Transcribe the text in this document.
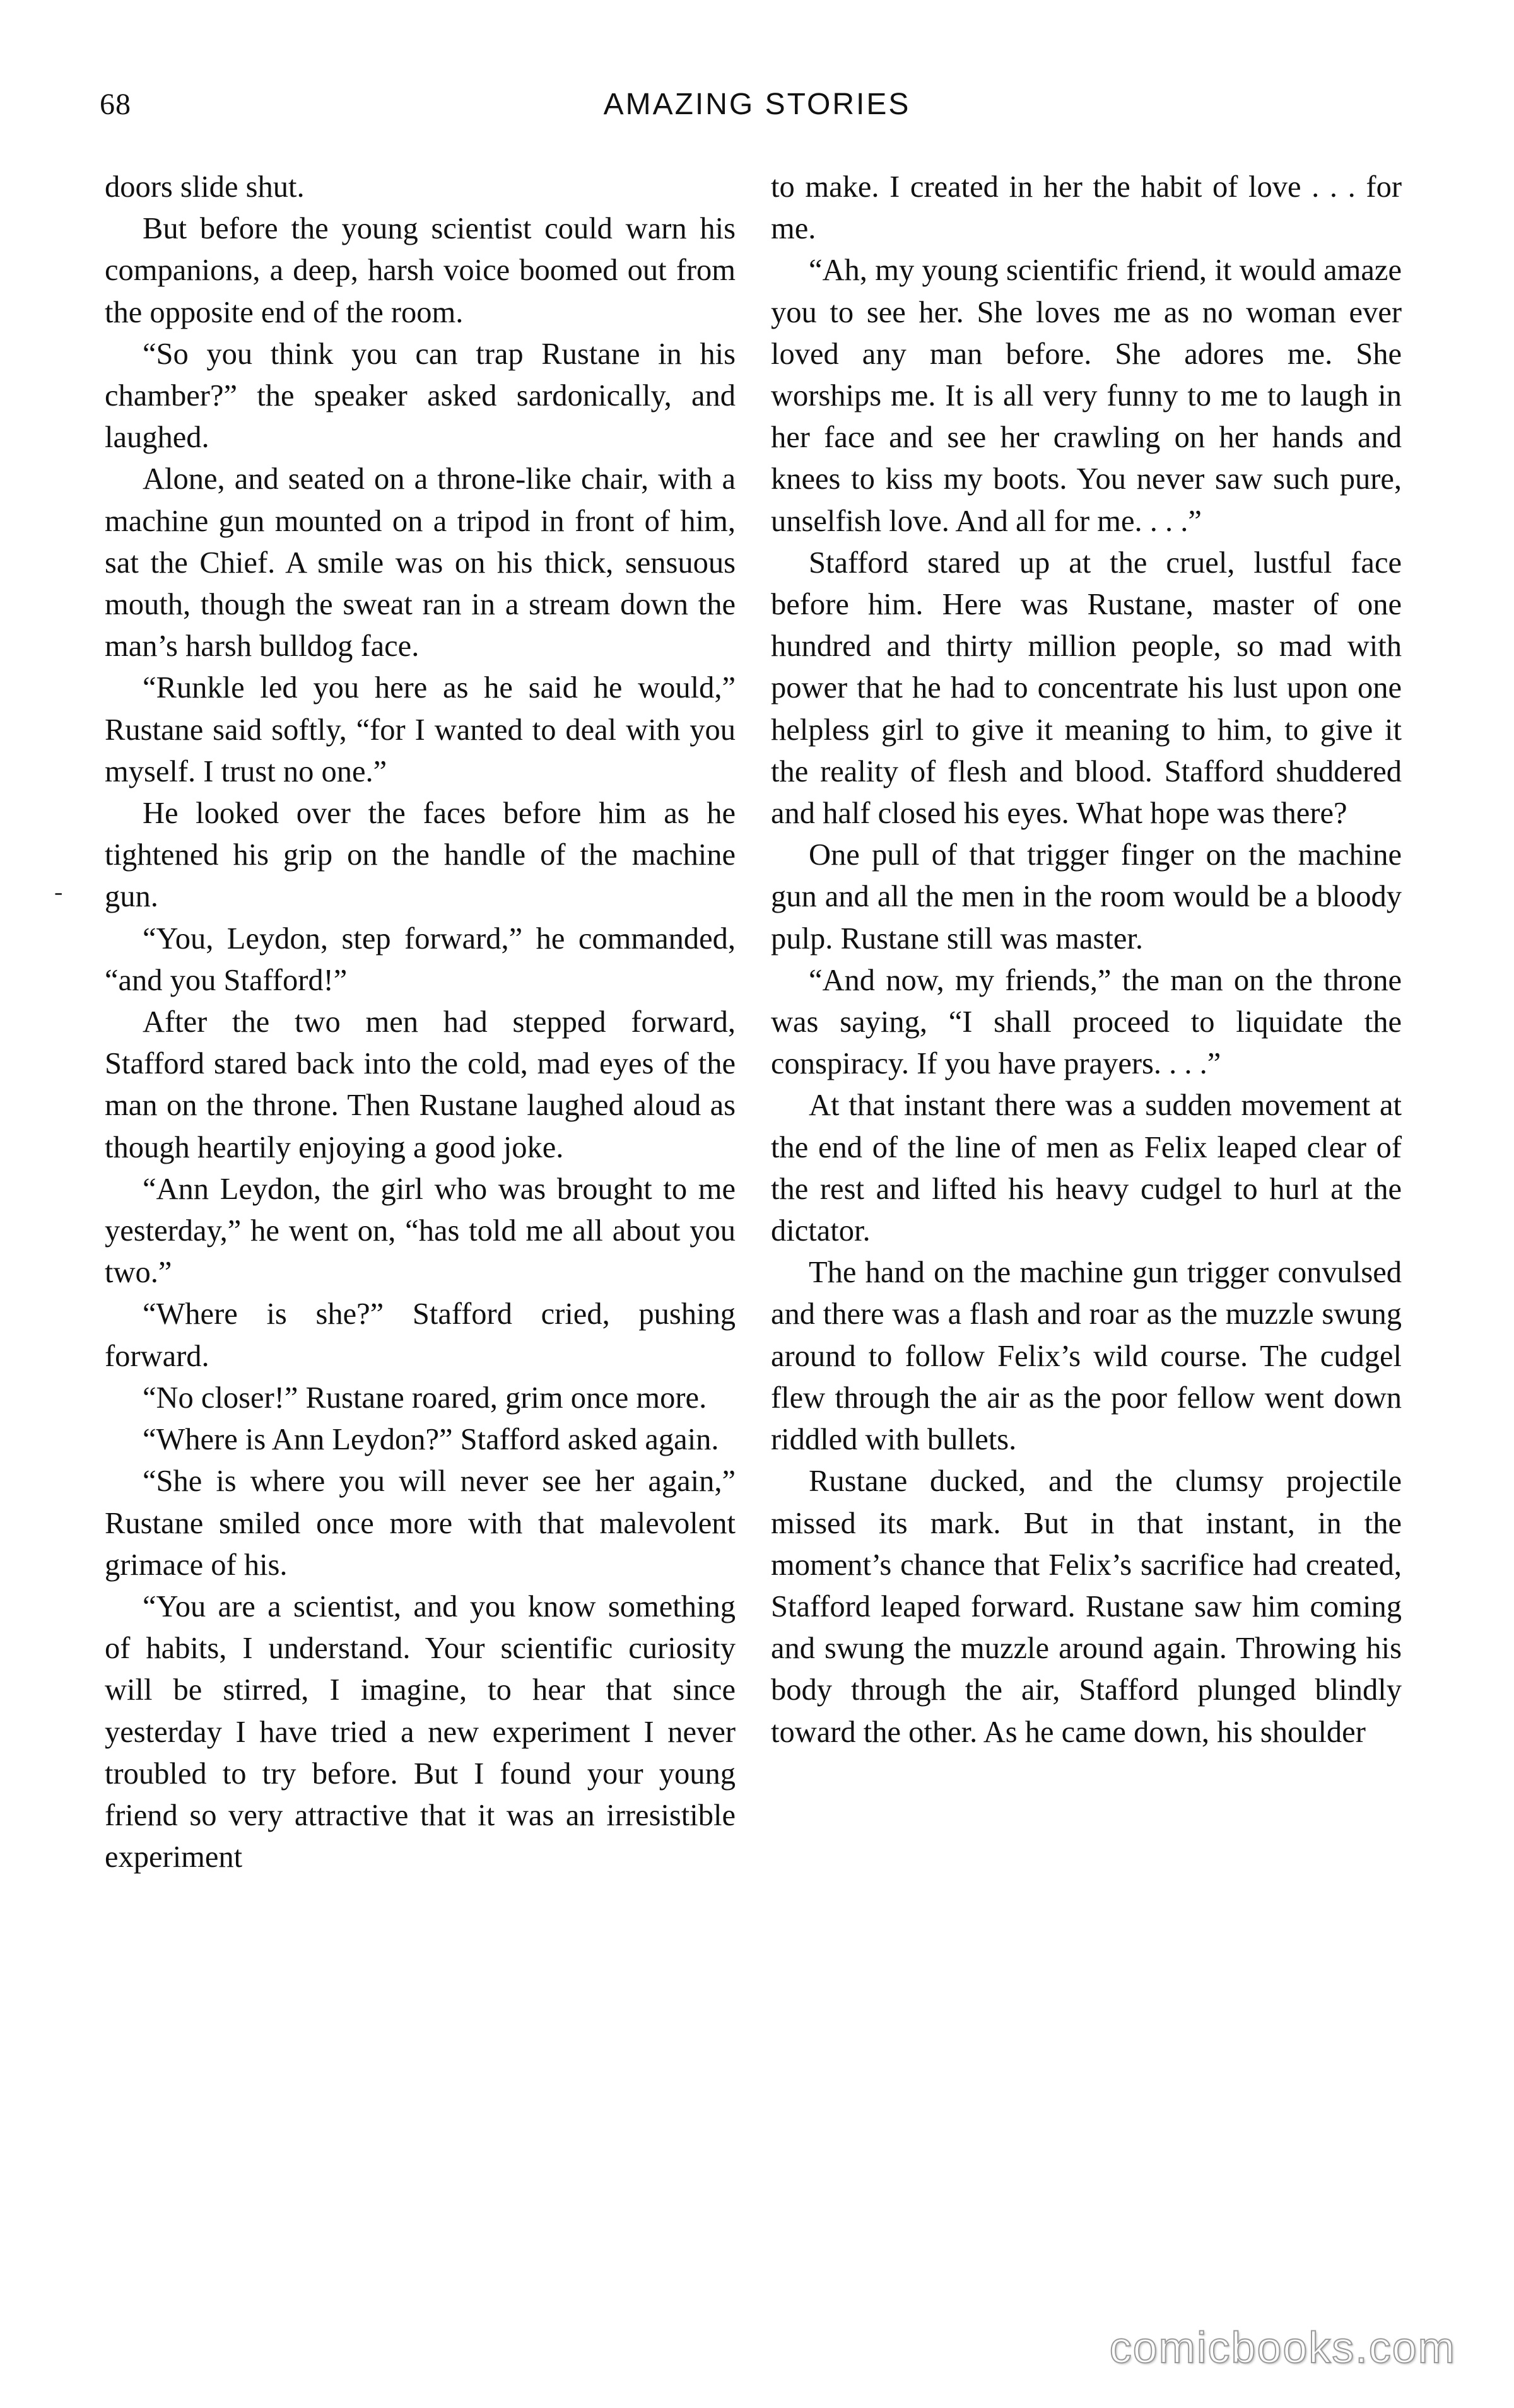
68	AMAZING STORIES
-

doors slide shut.

But before the young scientist could warn his companions, a deep, harsh voice boomed out from the opposite end of the room.

“So you think you can trap Rustane in his chamber?” the speaker asked sardonically, and laughed.

Alone, and seated on a throne-like chair, with a machine gun mounted on a tripod in front of him, sat the Chief. A smile was on his thick, sensuous mouth, though the sweat ran in a stream down the man’s harsh bulldog face.

“Runkle led you here as he said he would,” Rustane said softly, “for I wanted to deal with you myself. I trust no one.”

He looked over the faces before him as he tightened his grip on the handle of the machine gun.

“You, Leydon, step forward,” he commanded, “and you Stafford!”

After the two men had stepped forward, Stafford stared back into the cold, mad eyes of the man on the throne. Then Rustane laughed aloud as though heartily enjoying a good joke.

“Ann Leydon, the girl who was brought to me yesterday,” he went on, “has told me all about you two.”

“Where is she?” Stafford cried, pushing forward.

“No closer!” Rustane roared, grim once more.

“Where is Ann Leydon?” Stafford asked again.

“She is where you will never see her again,” Rustane smiled once more with that malevolent grimace of his.

“You are a scientist, and you know something of habits, I understand. Your scientific curiosity will be stirred, I imagine, to hear that since yesterday I have tried a new experiment I never troubled to try before. But I found your young friend so very attractive that it was an irresistible experiment

to make. I created in her the habit of love . . . for me.

“Ah, my young scientific friend, it would amaze you to see her. She loves me as no woman ever loved any man before. She adores me. She worships me. It is all very funny to me to laugh in her face and see her crawling on her hands and knees to kiss my boots. You never saw such pure, unselfish love. And all for me. . . .”

Stafford stared up at the cruel, lustful face before him. Here was Rustane, master of one hundred and thirty million people, so mad with power that he had to concentrate his lust upon one helpless girl to give it meaning to him, to give it the reality of flesh and blood. Stafford shuddered and half closed his eyes. What hope was there?

One pull of that trigger finger on the machine gun and all the men in the room would be a bloody pulp. Rustane still was master.

“And now, my friends,” the man on the throne was saying, “I shall proceed to liquidate the conspiracy. If you have prayers. . . .”

At that instant there was a sudden movement at the end of the line of men as Felix leaped clear of the rest and lifted his heavy cudgel to hurl at the dictator.

The hand on the machine gun trigger convulsed and there was a flash and roar as the muzzle swung around to follow Felix’s wild course. The cudgel flew through the air as the poor fellow went down riddled with bullets.

Rustane ducked, and the clumsy projectile missed its mark. But in that instant, in the moment’s chance that Felix’s sacrifice had created, Stafford leaped forward. Rustane saw him coming and swung the muzzle around again. Throwing his body through the air, Stafford plunged blindly toward the other. As he came down, his shoulder

comicbooks.com
